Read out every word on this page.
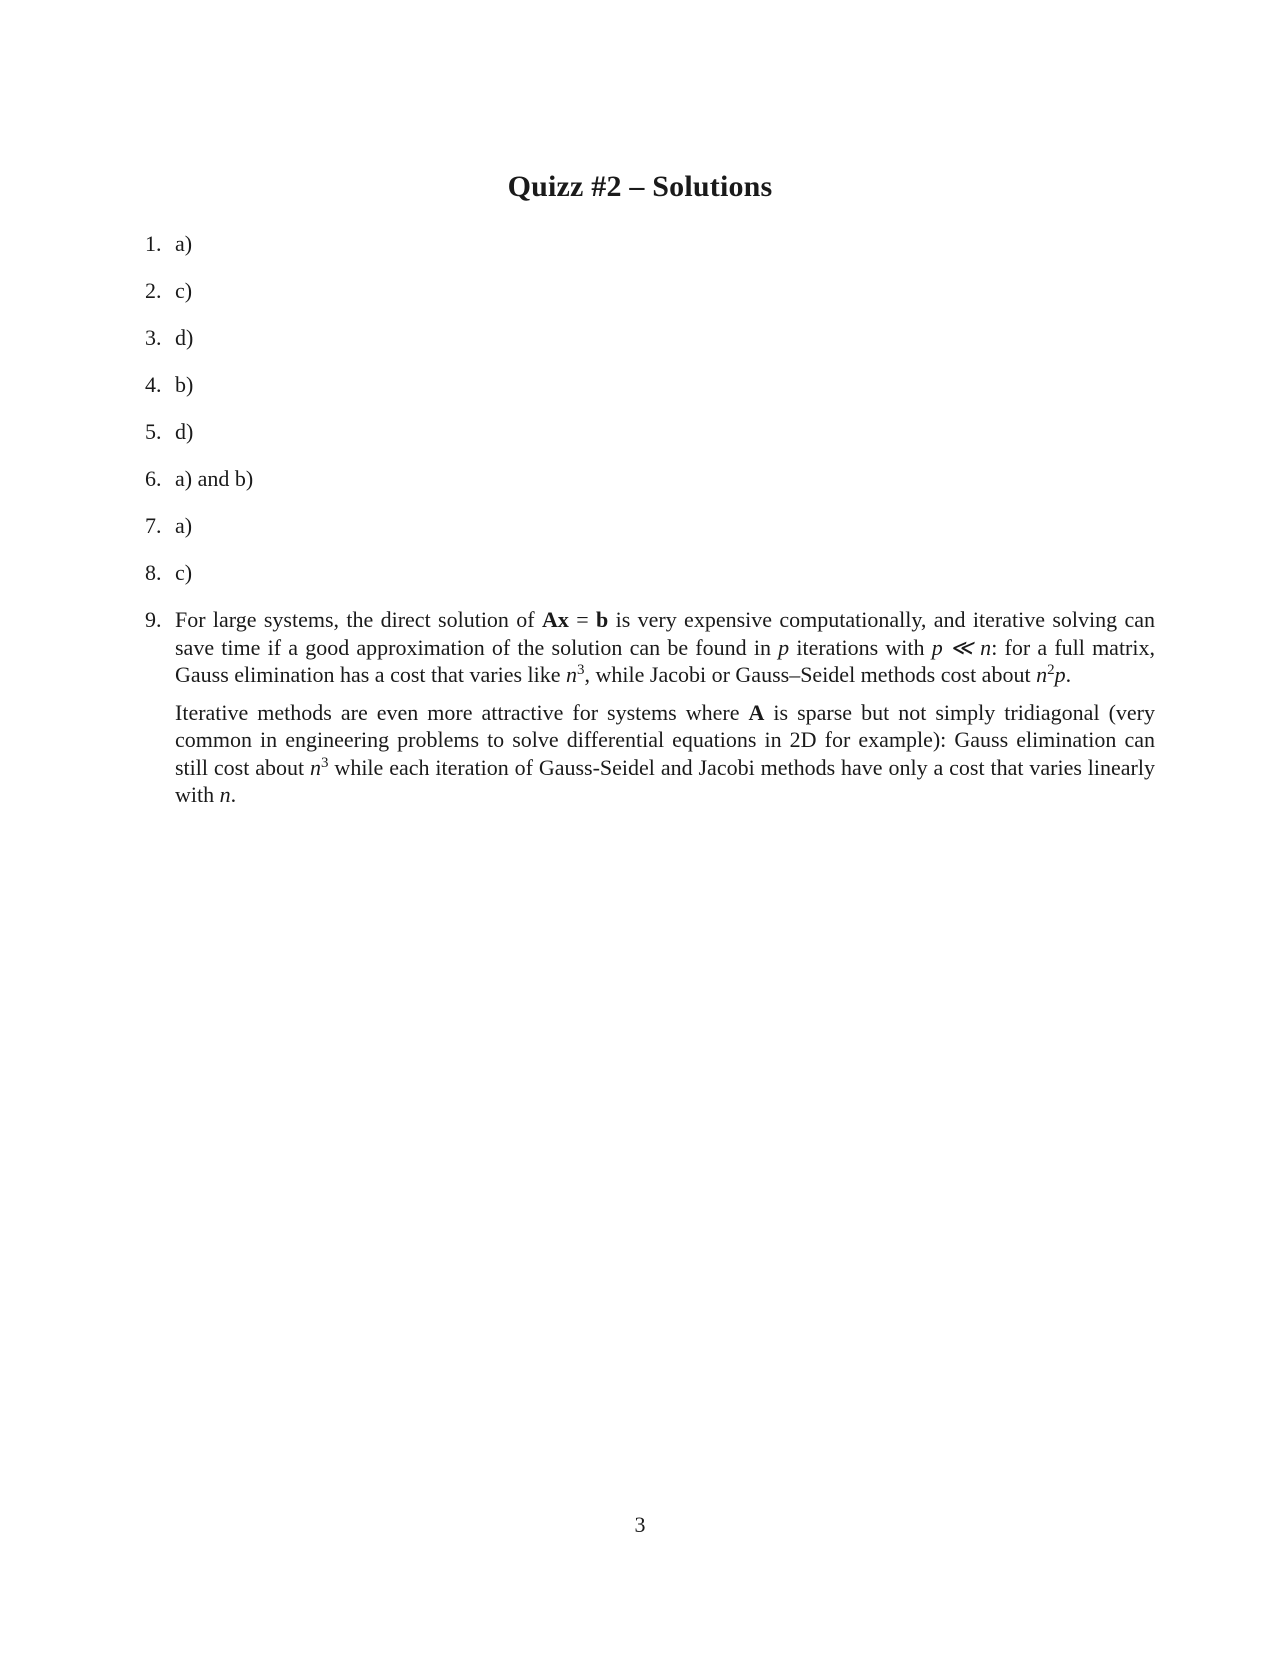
Quizz #2 – Solutions
1. a)
2. c)
3. d)
4. b)
5. d)
6. a) and b)
7. a)
8. c)
9. For large systems, the direct solution of Ax = b is very expensive computationally, and iterative solving can save time if a good approximation of the solution can be found in p iterations with p ≪ n: for a full matrix, Gauss elimination has a cost that varies like $n^3$, while Jacobi or Gauss–Seidel methods cost about $n^2p$.

Iterative methods are even more attractive for systems where A is sparse but not simply tridiagonal (very common in engineering problems to solve differential equations in 2D for example): Gauss elimination can still cost about $n^3$ while each iteration of Gauss-Seidel and Jacobi methods have only a cost that varies linearly with n.

3
